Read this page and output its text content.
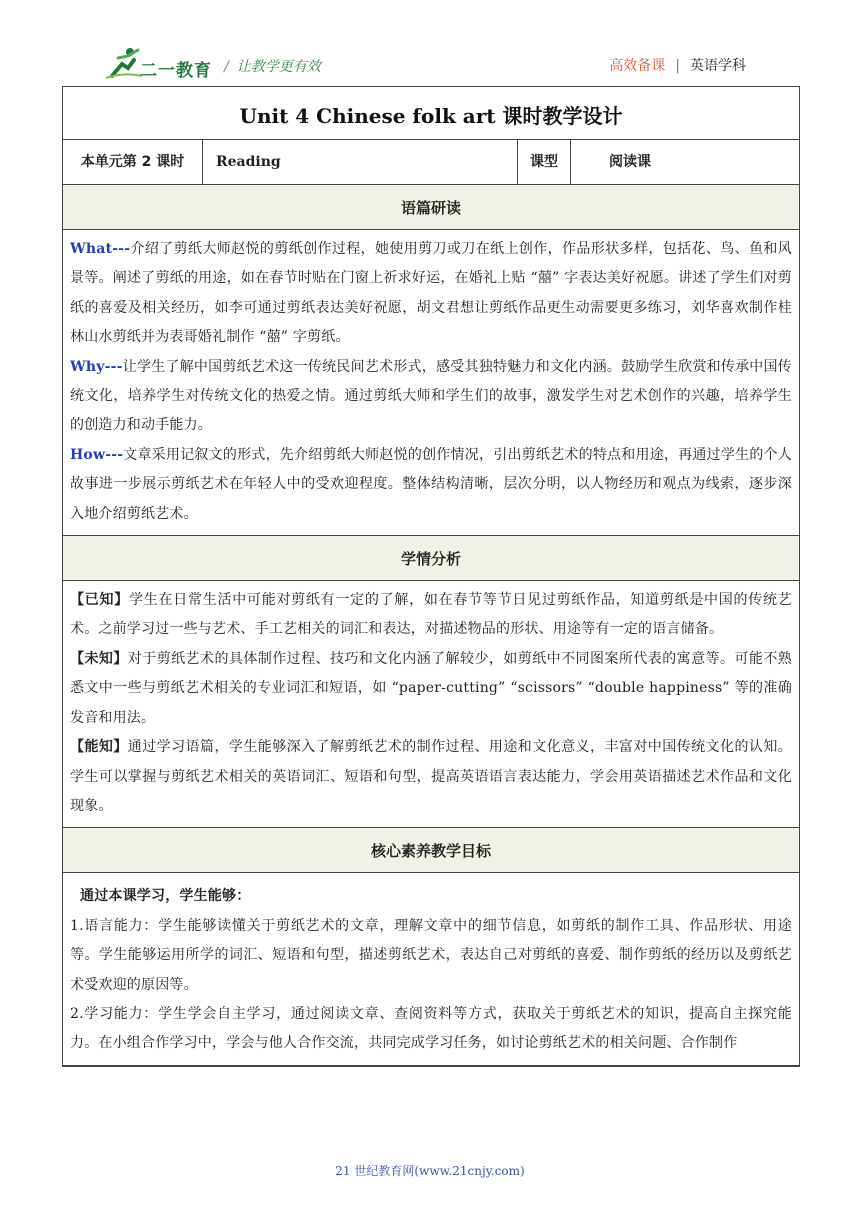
二一教育 / 让教学更有效	高效备课 | 英语学科
Unit 4 Chinese folk art 课时教学设计
本单元第 2 课时	Reading	课型	阅读课
语篇研读

What---介绍了剪纸大师赵悦的剪纸创作过程，她使用剪刀或刀在纸上创作，作品形状多样，包括花、鸟、鱼和风景等。阐述了剪纸的用途，如在春节时贴在门窗上祈求好运，在婚礼上贴 “囍” 字表达美好祝愿。讲述了学生们对剪纸的喜爱及相关经历，如李可通过剪纸表达美好祝愿，胡文君想让剪纸作品更生动需要更多练习，刘华喜欢制作桂林山水剪纸并为表哥婚礼制作 “囍” 字剪纸。

Why---让学生了解中国剪纸艺术这一传统民间艺术形式，感受其独特魅力和文化内涵。鼓励学生欣赏和传承中国传统文化，培养学生对传统文化的热爱之情。通过剪纸大师和学生们的故事，激发学生对艺术创作的兴趣，培养学生的创造力和动手能力。

How---文章采用记叙文的形式，先介绍剪纸大师赵悦的创作情况，引出剪纸艺术的特点和用途，再通过学生的个人故事进一步展示剪纸艺术在年轻人中的受欢迎程度。整体结构清晰，层次分明，以人物经历和观点为线索，逐步深入地介绍剪纸艺术。

学情分析

【已知】学生在日常生活中可能对剪纸有一定的了解，如在春节等节日见过剪纸作品，知道剪纸是中国的传统艺术。之前学习过一些与艺术、手工艺相关的词汇和表达，对描述物品的形状、用途等有一定的语言储备。

【未知】对于剪纸艺术的具体制作过程、技巧和文化内涵了解较少，如剪纸中不同图案所代表的寓意等。可能不熟悉文中一些与剪纸艺术相关的专业词汇和短语，如 “paper-cutting” “scissors” “double happiness” 等的准确发音和用法。

【能知】通过学习语篇，学生能够深入了解剪纸艺术的制作过程、用途和文化意义，丰富对中国传统文化的认知。学生可以掌握与剪纸艺术相关的英语词汇、短语和句型，提高英语语言表达能力，学会用英语描述艺术作品和文化现象。

核心素养教学目标

通过本课学习，学生能够：

1.语言能力：学生能够读懂关于剪纸艺术的文章，理解文章中的细节信息，如剪纸的制作工具、作品形状、用途等。学生能够运用所学的词汇、短语和句型，描述剪纸艺术，表达自己对剪纸的喜爱、制作剪纸的经历以及剪纸艺术受欢迎的原因等。

2.学习能力：学生学会自主学习，通过阅读文章、查阅资料等方式，获取关于剪纸艺术的知识，提高自主探究能力。在小组合作学习中，学会与他人合作交流，共同完成学习任务，如讨论剪纸艺术的相关问题、合作制作

21 世纪教育网(www.21cnjy.com)
